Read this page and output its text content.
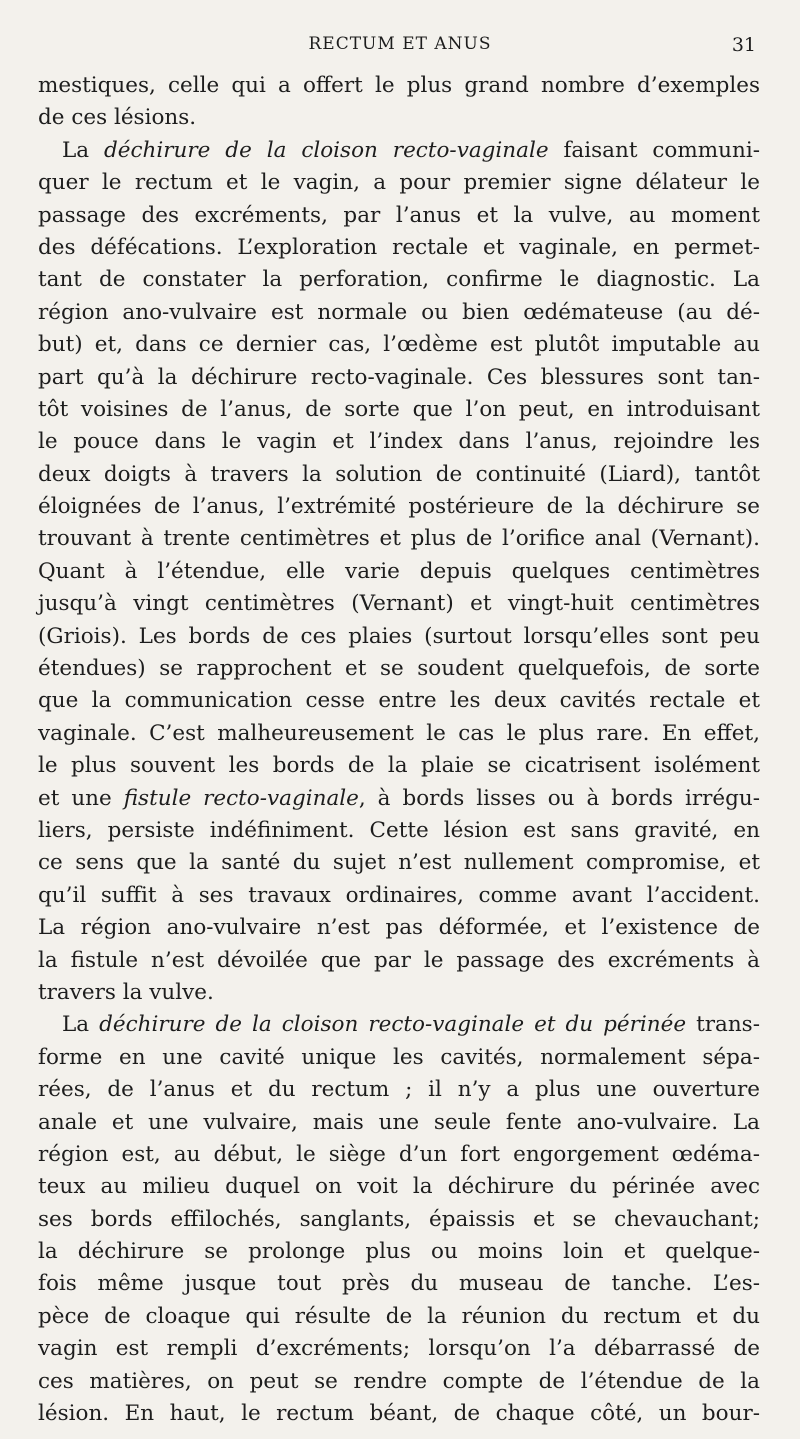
RECTUM ET ANUS	31
mestiques, celle qui a offert le plus grand nombre d’exemples
de ces lésions.
La déchirure de la cloison recto-vaginale faisant communi-
quer le rectum et le vagin, a pour premier signe délateur le
passage des excréments, par l’anus et la vulve, au moment
des défécations. L’exploration rectale et vaginale, en permet-
tant de constater la perforation, confirme le diagnostic. La
région ano-vulvaire est normale ou bien œdémateuse (au dé-
but) et, dans ce dernier cas, l’œdème est plutôt imputable au
part qu’à la déchirure recto-vaginale. Ces blessures sont tan-
tôt voisines de l’anus, de sorte que l’on peut, en introduisant
le pouce dans le vagin et l’index dans l’anus, rejoindre les
deux doigts à travers la solution de continuité (Liard), tantôt
éloignées de l’anus, l’extrémité postérieure de la déchirure se
trouvant à trente centimètres et plus de l’orifice anal (Vernant).
Quant à l’étendue, elle varie depuis quelques centimètres
jusqu’à vingt centimètres (Vernant) et vingt-huit centimètres
(Griois). Les bords de ces plaies (surtout lorsqu’elles sont peu
étendues) se rapprochent et se soudent quelquefois, de sorte
que la communication cesse entre les deux cavités rectale et
vaginale. C’est malheureusement le cas le plus rare. En effet,
le plus souvent les bords de la plaie se cicatrisent isolément
et une fistule recto-vaginale, à bords lisses ou à bords irrégu-
liers, persiste indéfiniment. Cette lésion est sans gravité, en
ce sens que la santé du sujet n’est nullement compromise, et
qu’il suffit à ses travaux ordinaires, comme avant l’accident.
La région ano-vulvaire n’est pas déformée, et l’existence de
la fistule n’est dévoilée que par le passage des excréments à
travers la vulve.
La déchirure de la cloison recto-vaginale et du périnée trans-
forme en une cavité unique les cavités, normalement sépa-
rées, de l’anus et du rectum ; il n’y a plus une ouverture
anale et une vulvaire, mais une seule fente ano-vulvaire. La
région est, au début, le siège d’un fort engorgement œdéma-
teux au milieu duquel on voit la déchirure du périnée avec
ses bords effilochés, sanglants, épaissis et se chevauchant;
la déchirure se prolonge plus ou moins loin et quelque-
fois même jusque tout près du museau de tanche. L’es-
pèce de cloaque qui résulte de la réunion du rectum et du
vagin est rempli d’excréments; lorsqu’on l’a débarrassé de
ces matières, on peut se rendre compte de l’étendue de la
lésion. En haut, le rectum béant, de chaque côté, un bour-
